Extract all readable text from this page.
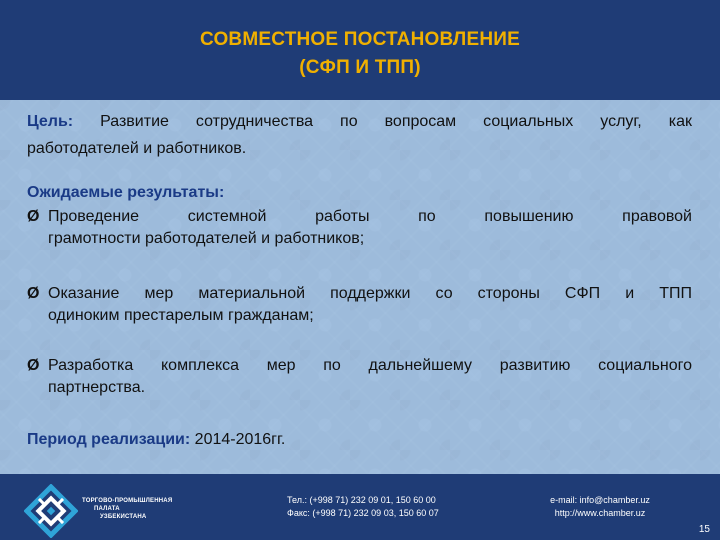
СОВМЕСТНОЕ ПОСТАНОВЛЕНИЕ
(СФП И ТПП)
Цель: Развитие сотрудничества по вопросам социальных услуг, как
работодателей и работников.
Ожидаемые результаты:
Ø Проведение системной работы по повышению правовой
грамотности работодателей и работников;
Ø Оказание мер материальной поддержки со стороны СФП и ТПП
одиноким престарелым гражданам;
Ø Разработка комплекса мер по дальнейшему развитию социального
партнерства.
Период реализации: 2014-2016гг.
ТОРГОВО-ПРОМЫШЛЕННАЯ
ПАЛАТА
УЗБЕКИСТАНА
Тел.: (+998 71) 232 09 01, 150 60 00
Факс: (+998 71) 232 09 03, 150 60 07
e-mail: info@chamber.uz
http://www.chamber.uz
15
